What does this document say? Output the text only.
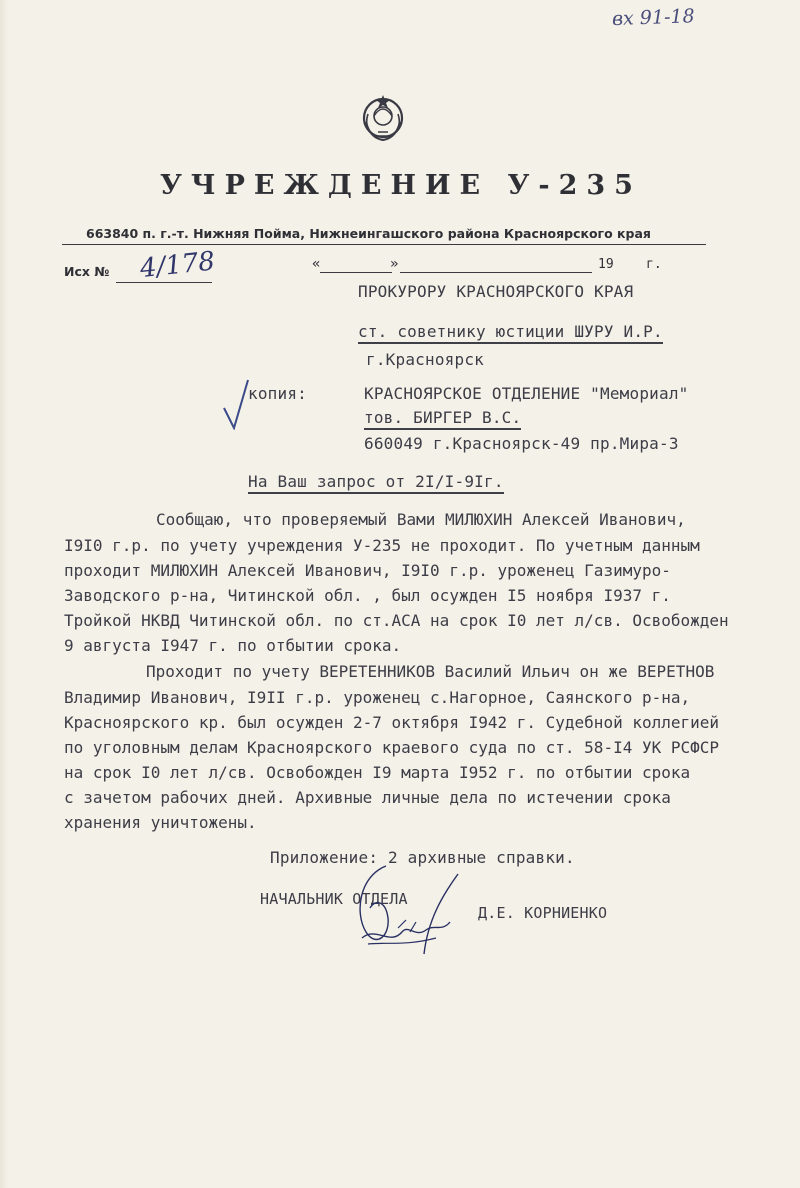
вх 91-18
УЧРЕЖДЕНИЕ У-235
663840 п. г.-т. Нижняя Пойма, Нижнеингашского района Красноярского края
Исх № 4/178	«	»	19	г.
ПРОКУРОРУ КРАСНОЯРСКОГО КРАЯ
ст. советнику юстиции ШУРУ И.Р.
г.Красноярск
копия:	КРАСНОЯРСКОЕ ОТДЕЛЕНИЕ "Мемориал"
тов. БИРГЕР В.С.
660049 г.Красноярск-49 пр.Мира-3
На Ваш запрос от 2I/I-9Iг.
Сообщаю, что проверяемый Вами МИЛЮХИН Алексей Иванович,
I9I0 г.р. по учету учреждения У-235 не проходит. По учетным данным
проходит МИЛЮХИН Алексей Иванович, I9I0 г.р. уроженец Газимуро-
Заводского р-на, Читинской обл. , был осужден I5 ноября I937 г.
Тройкой НКВД Читинской обл. по ст.АСА на срок I0 лет л/св. Освобожден
9 августа I947 г. по отбытии срока.
Проходит по учету ВЕРЕТЕННИКОВ Василий Ильич он же ВЕРЕТНОВ
Владимир Иванович, I9II г.р. уроженец с.Нагорное, Саянского р-на,
Красноярского кр. был осужден 2-7 октября I942 г. Судебной коллегией
по уголовным делам Красноярского краевого суда по ст. 58-I4 УК РСФСР
на срок I0 лет л/св. Освобожден I9 марта I952 г. по отбытии срока
с зачетом рабочих дней. Архивные личные дела по истечении срока
хранения уничтожены.
Приложение: 2 архивные справки.
НАЧАЛЬНИК ОТДЕЛА
Д.Е. КОРНИЕНКО
